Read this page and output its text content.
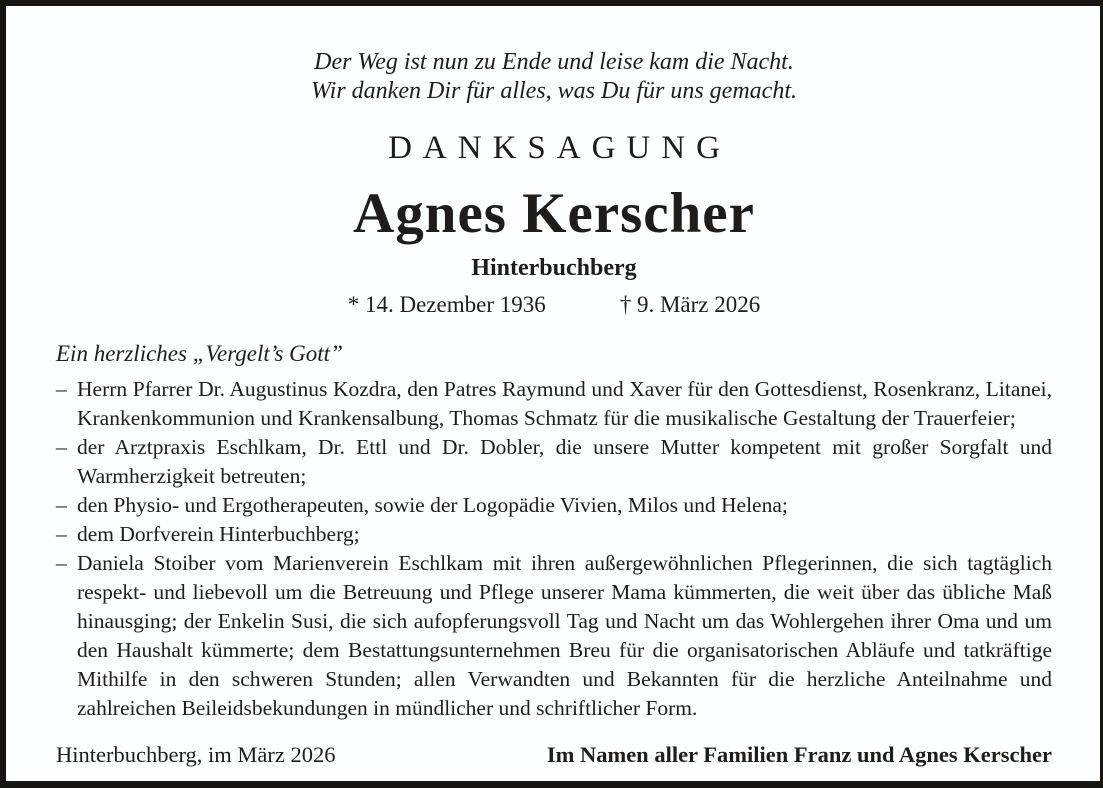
Der Weg ist nun zu Ende und leise kam die Nacht.
Wir danken Dir für alles, was Du für uns gemacht.
DANKSAGUNG
Agnes Kerscher
Hinterbuchberg
* 14. Dezember 1936	† 9. März 2026
Ein herzliches „Vergelt’s Gott”
– Herrn Pfarrer Dr. Augustinus Kozdra, den Patres Raymund und Xaver für den Gottesdienst, Rosenkranz, Litanei, Krankenkommunion und Krankensalbung, Thomas Schmatz für die musikalische Gestaltung der Trauerfeier;
– der Arztpraxis Eschlkam, Dr. Ettl und Dr. Dobler, die unsere Mutter kompetent mit großer Sorgfalt und Warmherzigkeit betreuten;
– den Physio- und Ergotherapeuten, sowie der Logopädie Vivien, Milos und Helena;
– dem Dorfverein Hinterbuchberg;
– Daniela Stoiber vom Marienverein Eschlkam mit ihren außergewöhnlichen Pflegerinnen, die sich tagtäglich respekt- und liebevoll um die Betreuung und Pflege unserer Mama kümmerten, die weit über das übliche Maß hinausging; der Enkelin Susi, die sich aufopferungsvoll Tag und Nacht um das Wohlergehen ihrer Oma und um den Haushalt kümmerte; dem Bestattungsunternehmen Breu für die organisatorischen Abläufe und tatkräftige Mithilfe in den schweren Stunden; allen Verwandten und Bekannten für die herzliche Anteilnahme und zahlreichen Beileidsbekundungen in mündlicher und schriftlicher Form.
Hinterbuchberg, im März 2026	Im Namen aller Familien Franz und Agnes Kerscher
